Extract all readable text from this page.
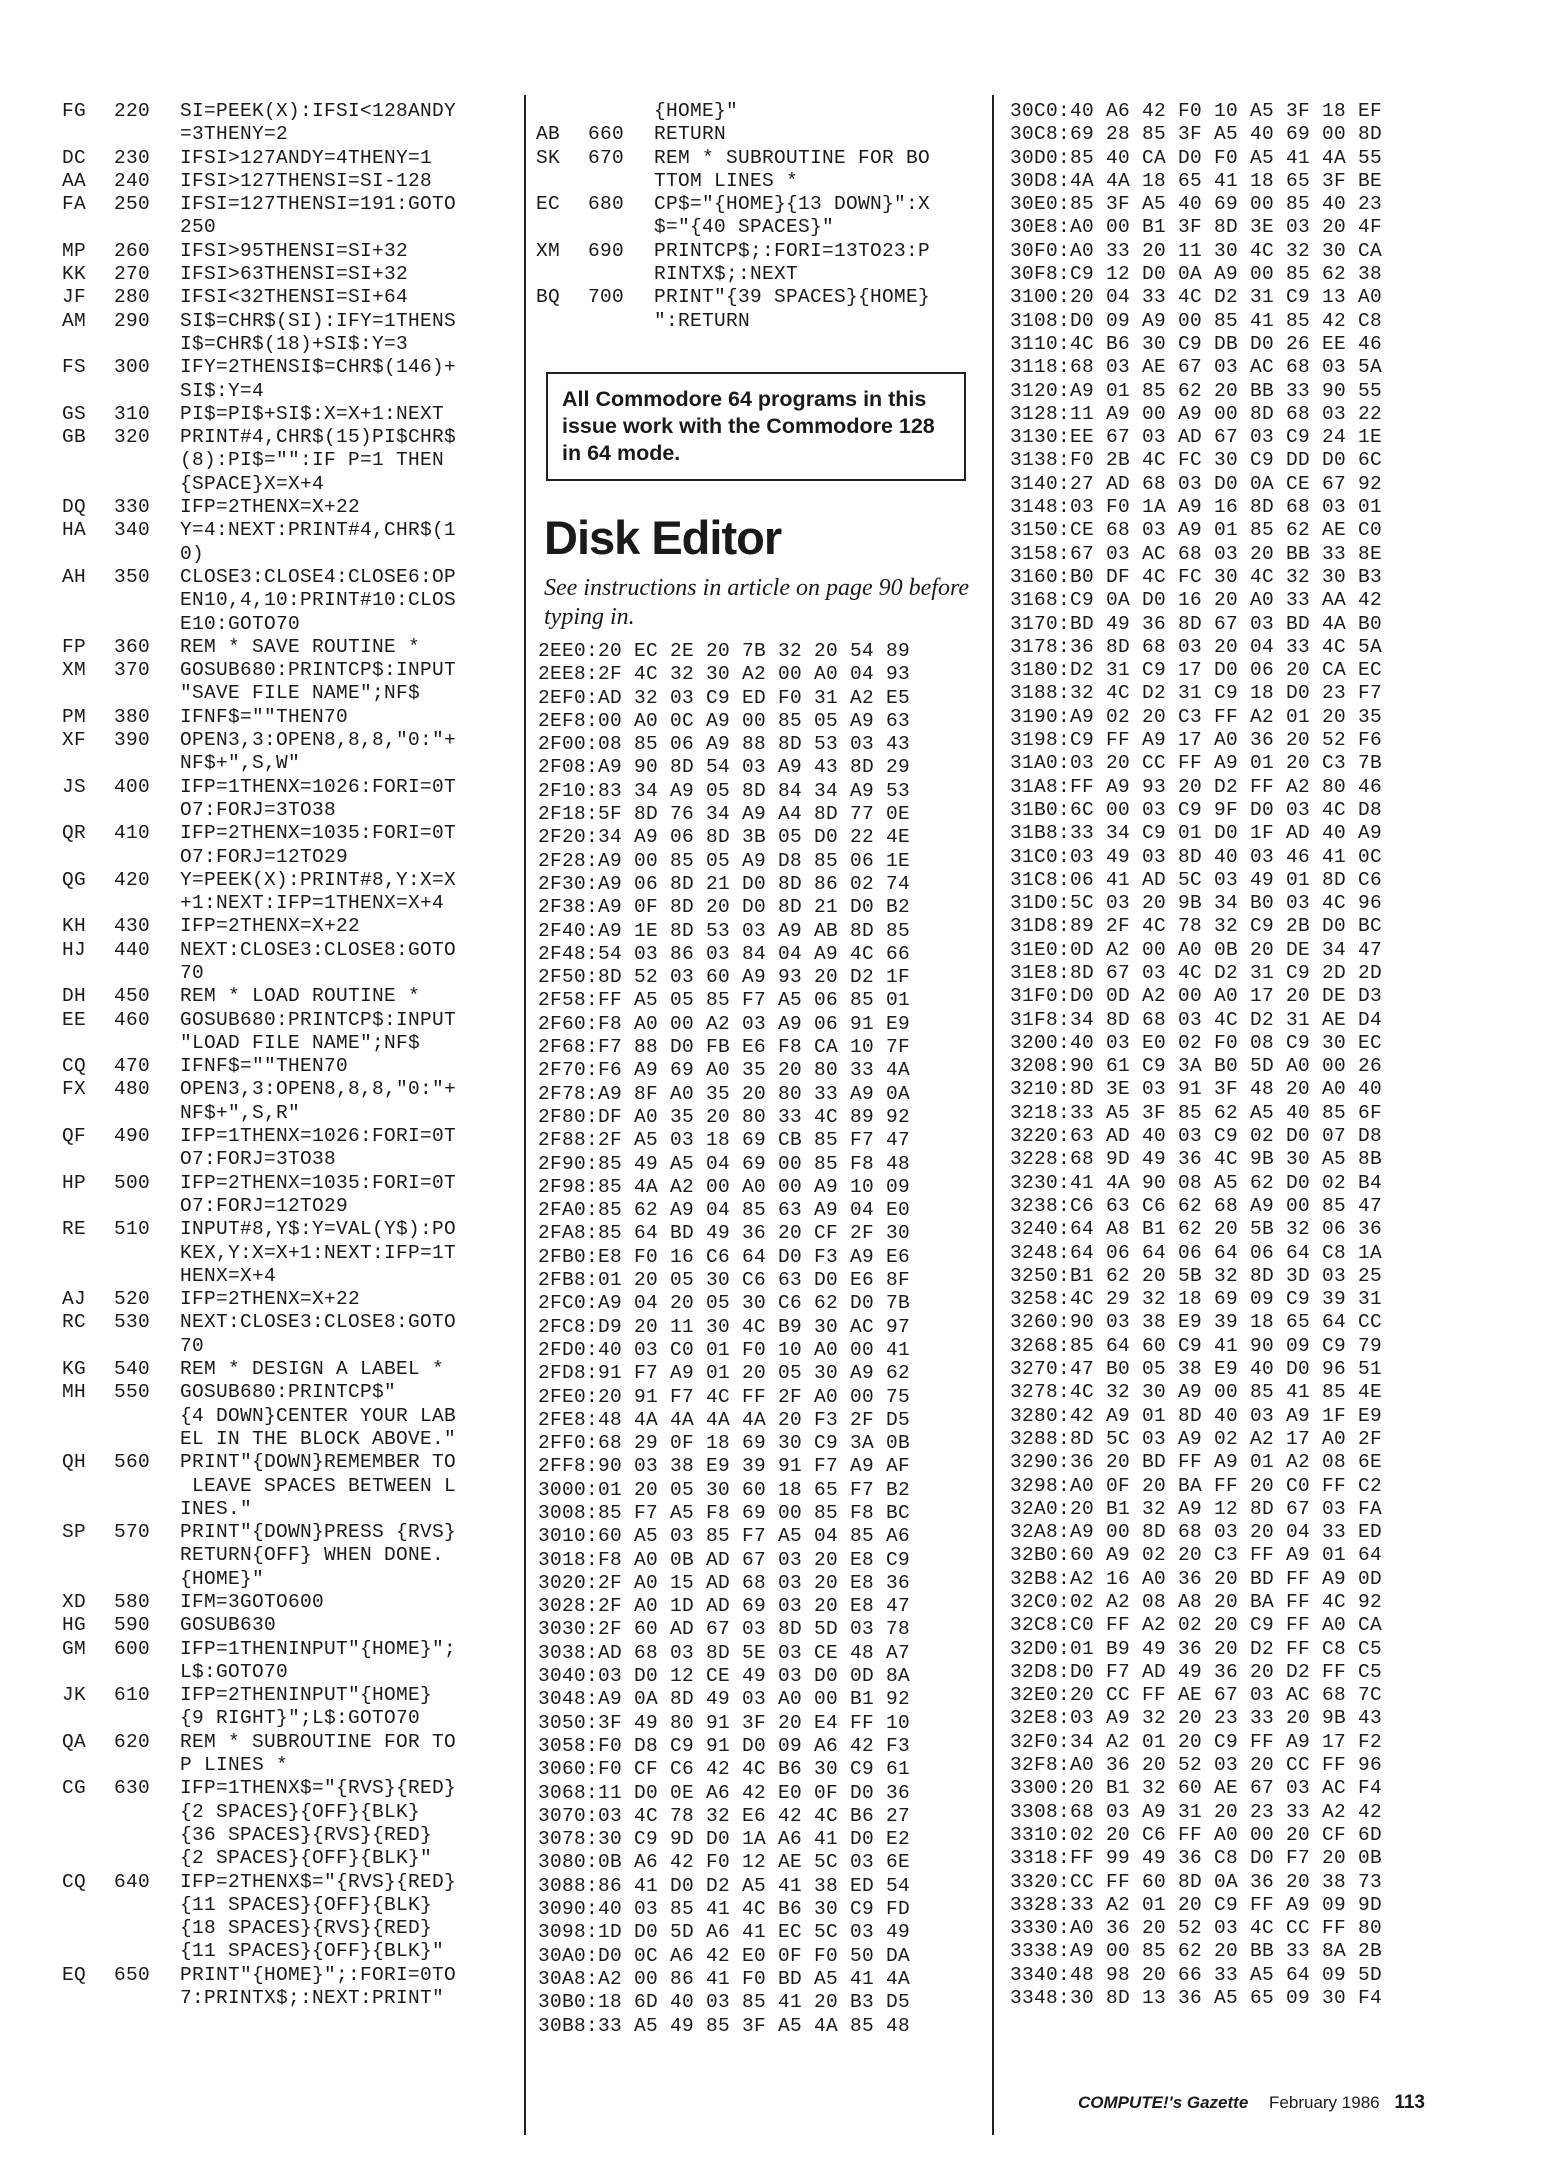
FG	220	SI=PEEK(X):IFSI<128ANDY
=3THENY=2
DC	230	IFSI>127ANDY=4THENY=1
AA	240	IFSI>127THENSI=SI-128
FA	250	IFSI=127THENSI=191:GOTO
250
MP	260	IFSI>95THENSI=SI+32
KK	270	IFSI>63THENSI=SI+32
JF	280	IFSI<32THENSI=SI+64
AM	290	SI$=CHR$(SI):IFY=1THENS
I$=CHR$(18)+SI$:Y=3
FS	300	IFY=2THENSI$=CHR$(146)+
SI$:Y=4
GS	310	PI$=PI$+SI$:X=X+1:NEXT
GB	320	PRINT#4,CHR$(15)PI$CHR$
(8):PI$="":IF P=1 THEN
{SPACE}X=X+4
DQ	330	IFP=2THENX=X+22
HA	340	Y=4:NEXT:PRINT#4,CHR$(1
0)
AH	350	CLOSE3:CLOSE4:CLOSE6:OP
EN10,4,10:PRINT#10:CLOS
E10:GOTO70
FP	360	REM * SAVE ROUTINE *
XM	370	GOSUB680:PRINTCP$:INPUT
"SAVE FILE NAME";NF$
PM	380	IFNF$=""THEN70
XF	390	OPEN3,3:OPEN8,8,8,"0:"+
NF$+",S,W"
JS	400	IFP=1THENX=1026:FORI=0T
O7:FORJ=3TO38
QR	410	IFP=2THENX=1035:FORI=0T
O7:FORJ=12TO29
QG	420	Y=PEEK(X):PRINT#8,Y:X=X
+1:NEXT:IFP=1THENX=X+4
KH	430	IFP=2THENX=X+22
HJ	440	NEXT:CLOSE3:CLOSE8:GOTO
70
DH	450	REM * LOAD ROUTINE *
EE	460	GOSUB680:PRINTCP$:INPUT
"LOAD FILE NAME";NF$
CQ	470	IFNF$=""THEN70
FX	480	OPEN3,3:OPEN8,8,8,"0:"+
NF$+",S,R"
QF	490	IFP=1THENX=1026:FORI=0T
O7:FORJ=3TO38
HP	500	IFP=2THENX=1035:FORI=0T
O7:FORJ=12TO29
RE	510	INPUT#8,Y$:Y=VAL(Y$):PO
KEX,Y:X=X+1:NEXT:IFP=1T
HENX=X+4
AJ	520	IFP=2THENX=X+22
RC	530	NEXT:CLOSE3:CLOSE8:GOTO
70
KG	540	REM * DESIGN A LABEL *
MH	550	GOSUB680:PRINTCP$"
{4 DOWN}CENTER YOUR LAB
EL IN THE BLOCK ABOVE."
QH	560	PRINT"{DOWN}REMEMBER TO
LEAVE SPACES BETWEEN L
INES."
SP	570	PRINT"{DOWN}PRESS {RVS}
RETURN{OFF} WHEN DONE.
{HOME}"
XD	580	IFM=3GOTO600
HG	590	GOSUB630
GM	600	IFP=1THENINPUT"{HOME}";
L$:GOTO70
JK	610	IFP=2THENINPUT"{HOME}
{9 RIGHT}";L$:GOTO70
QA	620	REM * SUBROUTINE FOR TO
P LINES *
CG	630	IFP=1THENX$="{RVS}{RED}
{2 SPACES}{OFF}{BLK}
{36 SPACES}{RVS}{RED}
{2 SPACES}{OFF}{BLK}"
CQ	640	IFP=2THENX$="{RVS}{RED}
{11 SPACES}{OFF}{BLK}
{18 SPACES}{RVS}{RED}
{11 SPACES}{OFF}{BLK}"
EQ	650	PRINT"{HOME}";:FORI=0TO
7:PRINTX$;:NEXT:PRINT"
{HOME}"
AB	660	RETURN
SK	670	REM * SUBROUTINE FOR BO
TTOM LINES *
EC	680	CP$="{HOME}{13 DOWN}":X
$="{40 SPACES}"
XM	690	PRINTCP$;:FORI=13TO23:P
RINTX$;:NEXT
BQ	700	PRINT"{39 SPACES}{HOME}
":RETURN
All Commodore 64 programs in this issue work with the Commodore 128 in 64 mode.
Disk Editor
See instructions in article on page 90 before typing in.
2EE0:20 EC 2E 20 7B 32 20 54 89
2EE8:2F 4C 32 30 A2 00 A0 04 93
2EF0:AD 32 03 C9 ED F0 31 A2 E5
2EF8:00 A0 0C A9 00 85 05 A9 63
2F00:08 85 06 A9 88 8D 53 03 43
2F08:A9 90 8D 54 03 A9 43 8D 29
2F10:83 34 A9 05 8D 84 34 A9 53
2F18:5F 8D 76 34 A9 A4 8D 77 0E
2F20:34 A9 06 8D 3B 05 D0 22 4E
2F28:A9 00 85 05 A9 D8 85 06 1E
2F30:A9 06 8D 21 D0 8D 86 02 74
2F38:A9 0F 8D 20 D0 8D 21 D0 B2
2F40:A9 1E 8D 53 03 A9 AB 8D 85
2F48:54 03 86 03 84 04 A9 4C 66
2F50:8D 52 03 60 A9 93 20 D2 1F
2F58:FF A5 05 85 F7 A5 06 85 01
2F60:F8 A0 00 A2 03 A9 06 91 E9
2F68:F7 88 D0 FB E6 F8 CA 10 7F
2F70:F6 A9 69 A0 35 20 80 33 4A
2F78:A9 8F A0 35 20 80 33 A9 0A
2F80:DF A0 35 20 80 33 4C 89 92
2F88:2F A5 03 18 69 CB 85 F7 47
2F90:85 49 A5 04 69 00 85 F8 48
2F98:85 4A A2 00 A0 00 A9 10 09
2FA0:85 62 A9 04 85 63 A9 04 E0
2FA8:85 64 BD 49 36 20 CF 2F 30
2FB0:E8 F0 16 C6 64 D0 F3 A9 E6
2FB8:01 20 05 30 C6 63 D0 E6 8F
2FC0:A9 04 20 05 30 C6 62 D0 7B
2FC8:D9 20 11 30 4C B9 30 AC 97
2FD0:40 03 C0 01 F0 10 A0 00 41
2FD8:91 F7 A9 01 20 05 30 A9 62
2FE0:20 91 F7 4C FF 2F A0 00 75
2FE8:48 4A 4A 4A 4A 20 F3 2F D5
2FF0:68 29 0F 18 69 30 C9 3A 0B
2FF8:90 03 38 E9 39 91 F7 A9 AF
3000:01 20 05 30 60 18 65 F7 B2
3008:85 F7 A5 F8 69 00 85 F8 BC
3010:60 A5 03 85 F7 A5 04 85 A6
3018:F8 A0 0B AD 67 03 20 E8 C9
3020:2F A0 15 AD 68 03 20 E8 36
3028:2F A0 1D AD 69 03 20 E8 47
3030:2F 60 AD 67 03 8D 5D 03 78
3038:AD 68 03 8D 5E 03 CE 48 A7
3040:03 D0 12 CE 49 03 D0 0D 8A
3048:A9 0A 8D 49 03 A0 00 B1 92
3050:3F 49 80 91 3F 20 E4 FF 10
3058:F0 D8 C9 91 D0 09 A6 42 F3
3060:F0 CF C6 42 4C B6 30 C9 61
3068:11 D0 0E A6 42 E0 0F D0 36
3070:03 4C 78 32 E6 42 4C B6 27
3078:30 C9 9D D0 1A A6 41 D0 E2
3080:0B A6 42 F0 12 AE 5C 03 6E
3088:86 41 D0 D2 A5 41 38 ED 54
3090:40 03 85 41 4C B6 30 C9 FD
3098:1D D0 5D A6 41 EC 5C 03 49
30A0:D0 0C A6 42 E0 0F F0 50 DA
30A8:A2 00 86 41 F0 BD A5 41 4A
30B0:18 6D 40 03 85 41 20 B3 D5
30B8:33 A5 49 85 3F A5 4A 85 48
30C0:40 A6 42 F0 10 A5 3F 18 EF
30C8:69 28 85 3F A5 40 69 00 8D
30D0:85 40 CA D0 F0 A5 41 4A 55
30D8:4A 4A 18 65 41 18 65 3F BE
30E0:85 3F A5 40 69 00 85 40 23
30E8:A0 00 B1 3F 8D 3E 03 20 4F
30F0:A0 33 20 11 30 4C 32 30 CA
30F8:C9 12 D0 0A A9 00 85 62 38
3100:20 04 33 4C D2 31 C9 13 A0
3108:D0 09 A9 00 85 41 85 42 C8
3110:4C B6 30 C9 DB D0 26 EE 46
3118:68 03 AE 67 03 AC 68 03 5A
3120:A9 01 85 62 20 BB 33 90 55
3128:11 A9 00 A9 00 8D 68 03 22
3130:EE 67 03 AD 67 03 C9 24 1E
3138:F0 2B 4C FC 30 C9 DD D0 6C
3140:27 AD 68 03 D0 0A CE 67 92
3148:03 F0 1A A9 16 8D 68 03 01
3150:CE 68 03 A9 01 85 62 AE C0
3158:67 03 AC 68 03 20 BB 33 8E
3160:B0 DF 4C FC 30 4C 32 30 B3
3168:C9 0A D0 16 20 A0 33 AA 42
3170:BD 49 36 8D 67 03 BD 4A B0
3178:36 8D 68 03 20 04 33 4C 5A
3180:D2 31 C9 17 D0 06 20 CA EC
3188:32 4C D2 31 C9 18 D0 23 F7
3190:A9 02 20 C3 FF A2 01 20 35
3198:C9 FF A9 17 A0 36 20 52 F6
31A0:03 20 CC FF A9 01 20 C3 7B
31A8:FF A9 93 20 D2 FF A2 80 46
31B0:6C 00 03 C9 9F D0 03 4C D8
31B8:33 34 C9 01 D0 1F AD 40 A9
31C0:03 49 03 8D 40 03 46 41 0C
31C8:06 41 AD 5C 03 49 01 8D C6
31D0:5C 03 20 9B 34 B0 03 4C 96
31D8:89 2F 4C 78 32 C9 2B D0 BC
31E0:0D A2 00 A0 0B 20 DE 34 47
31E8:8D 67 03 4C D2 31 C9 2D 2D
31F0:D0 0D A2 00 A0 17 20 DE D3
31F8:34 8D 68 03 4C D2 31 AE D4
3200:40 03 E0 02 F0 08 C9 30 EC
3208:90 61 C9 3A B0 5D A0 00 26
3210:8D 3E 03 91 3F 48 20 A0 40
3218:33 A5 3F 85 62 A5 40 85 6F
3220:63 AD 40 03 C9 02 D0 07 D8
3228:68 9D 49 36 4C 9B 30 A5 8B
3230:41 4A 90 08 A5 62 D0 02 B4
3238:C6 63 C6 62 68 A9 00 85 47
3240:64 A8 B1 62 20 5B 32 06 36
3248:64 06 64 06 64 06 64 C8 1A
3250:B1 62 20 5B 32 8D 3D 03 25
3258:4C 29 32 18 69 09 C9 39 31
3260:90 03 38 E9 39 18 65 64 CC
3268:85 64 60 C9 41 90 09 C9 79
3270:47 B0 05 38 E9 40 D0 96 51
3278:4C 32 30 A9 00 85 41 85 4E
3280:42 A9 01 8D 40 03 A9 1F E9
3288:8D 5C 03 A9 02 A2 17 A0 2F
3290:36 20 BD FF A9 01 A2 08 6E
3298:A0 0F 20 BA FF 20 C0 FF C2
32A0:20 B1 32 A9 12 8D 67 03 FA
32A8:A9 00 8D 68 03 20 04 33 ED
32B0:60 A9 02 20 C3 FF A9 01 64
32B8:A2 16 A0 36 20 BD FF A9 0D
32C0:02 A2 08 A8 20 BA FF 4C 92
32C8:C0 FF A2 02 20 C9 FF A0 CA
32D0:01 B9 49 36 20 D2 FF C8 C5
32D8:D0 F7 AD 49 36 20 D2 FF C5
32E0:20 CC FF AE 67 03 AC 68 7C
32E8:03 A9 32 20 23 33 20 9B 43
32F0:34 A2 01 20 C9 FF A9 17 F2
32F8:A0 36 20 52 03 20 CC FF 96
3300:20 B1 32 60 AE 67 03 AC F4
3308:68 03 A9 31 20 23 33 A2 42
3310:02 20 C6 FF A0 00 20 CF 6D
3318:FF 99 49 36 C8 D0 F7 20 0B
3320:CC FF 60 8D 0A 36 20 38 73
3328:33 A2 01 20 C9 FF A9 09 9D
3330:A0 36 20 52 03 4C CC FF 80
3338:A9 00 85 62 20 BB 33 8A 2B
3340:48 98 20 66 33 A5 64 09 5D
3348:30 8D 13 36 A5 65 09 30 F4
COMPUTE!'s Gazette February 1986 113
